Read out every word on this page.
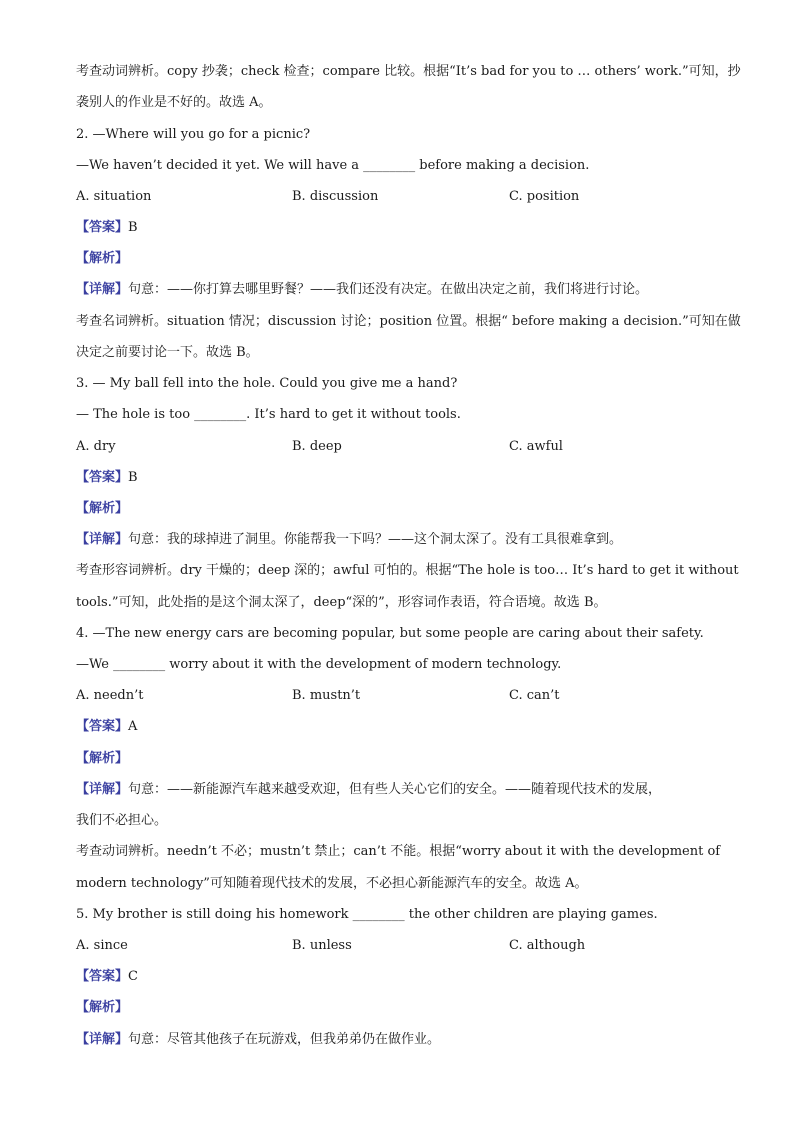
考查动词辨析。copy 抄袭；check 检查；compare 比较。根据“It’s bad for you to … others’ work.”可知，抄
袭别人的作业是不好的。故选 A。
2. —Where will you go for a picnic?
—We haven’t decided it yet. We will have a ________ before making a decision.
A. situation	B. discussion	C. position
【答案】B
【解析】
【详解】句意：——你打算去哪里野餐？——我们还没有决定。在做出决定之前，我们将进行讨论。
考查名词辨析。situation 情况；discussion 讨论；position 位置。根据“ before making a decision.”可知在做
决定之前要讨论一下。故选 B。
3. — My ball fell into the hole. Could you give me a hand?
— The hole is too ________. It’s hard to get it without tools.
A. dry	B. deep	C. awful
【答案】B
【解析】
【详解】句意：我的球掉进了洞里。你能帮我一下吗？——这个洞太深了。没有工具很难拿到。
考查形容词辨析。dry 干燥的；deep 深的；awful 可怕的。根据“The hole is too… It’s hard to get it without
tools.”可知，此处指的是这个洞太深了，deep“深的”，形容词作表语，符合语境。故选 B。
4. —The new energy cars are becoming popular, but some people are caring about their safety.
—We ________ worry about it with the development of modern technology.
A. needn’t	B. mustn’t	C. can’t
【答案】A
【解析】
【详解】句意：——新能源汽车越来越受欢迎，但有些人关心它们的安全。——随着现代技术的发展，
我们不必担心。
考查动词辨析。needn’t 不必；mustn’t 禁止；can’t 不能。根据“worry about it with the development of
modern technology”可知随着现代技术的发展，不必担心新能源汽车的安全。故选 A。
5. My brother is still doing his homework ________ the other children are playing games.
A. since	B. unless	C. although
【答案】C
【解析】
【详解】句意：尽管其他孩子在玩游戏，但我弟弟仍在做作业。
